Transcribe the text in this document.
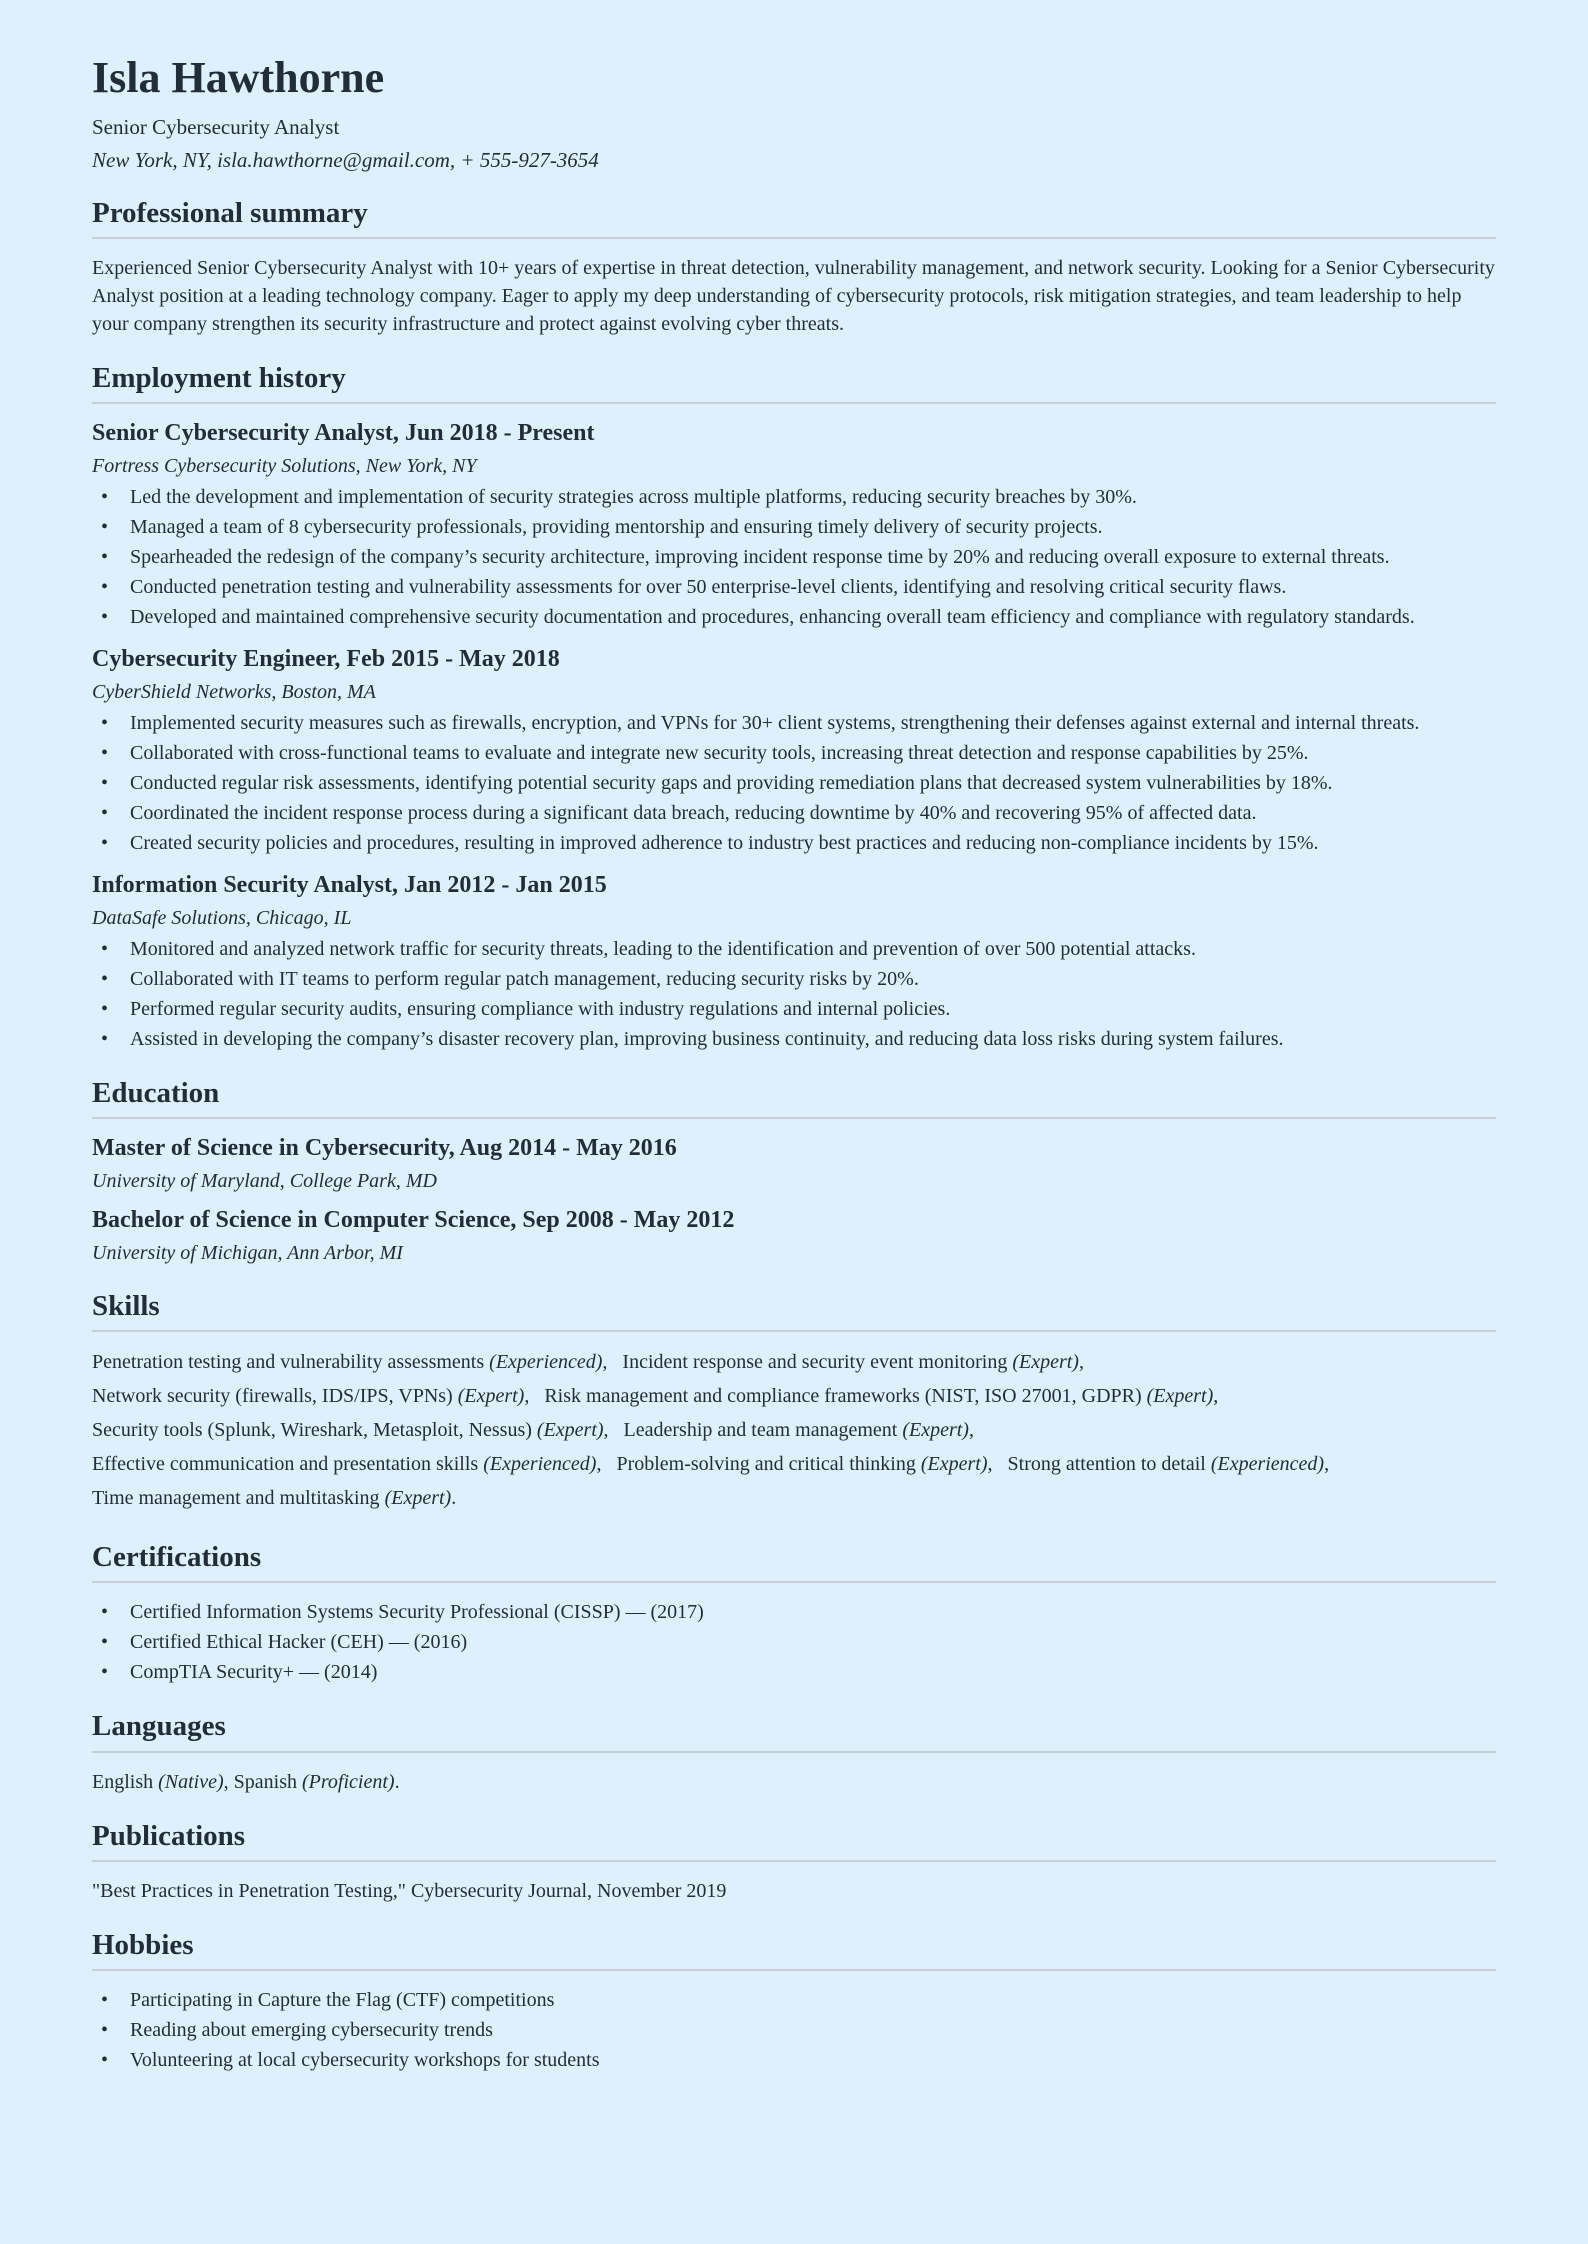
Isla Hawthorne

Senior Cybersecurity Analyst

New York, NY, isla.hawthorne@gmail.com, + 555-927-3654

Professional summary

Experienced Senior Cybersecurity Analyst with 10+ years of expertise in threat detection, vulnerability management, and network security. Looking for a Senior Cybersecurity Analyst position at a leading technology company. Eager to apply my deep understanding of cybersecurity protocols, risk mitigation strategies, and team leadership to help your company strengthen its security infrastructure and protect against evolving cyber threats.

Employment history
Senior Cybersecurity Analyst, Jun 2018 - Present

Fortress Cybersecurity Solutions, New York, NY

• Led the development and implementation of security strategies across multiple platforms, reducing security breaches by 30%.
• Managed a team of 8 cybersecurity professionals, providing mentorship and ensuring timely delivery of security projects.
• Spearheaded the redesign of the company’s security architecture, improving incident response time by 20% and reducing overall exposure to external threats.
• Conducted penetration testing and vulnerability assessments for over 50 enterprise-level clients, identifying and resolving critical security flaws.
• Developed and maintained comprehensive security documentation and procedures, enhancing overall team efficiency and compliance with regulatory standards.
Cybersecurity Engineer, Feb 2015 - May 2018

CyberShield Networks, Boston, MA

• Implemented security measures such as firewalls, encryption, and VPNs for 30+ client systems, strengthening their defenses against external and internal threats.
• Collaborated with cross-functional teams to evaluate and integrate new security tools, increasing threat detection and response capabilities by 25%.
• Conducted regular risk assessments, identifying potential security gaps and providing remediation plans that decreased system vulnerabilities by 18%.
• Coordinated the incident response process during a significant data breach, reducing downtime by 40% and recovering 95% of affected data.
• Created security policies and procedures, resulting in improved adherence to industry best practices and reducing non-compliance incidents by 15%.
Information Security Analyst, Jan 2012 - Jan 2015

DataSafe Solutions, Chicago, IL

• Monitored and analyzed network traffic for security threats, leading to the identification and prevention of over 500 potential attacks.
• Collaborated with IT teams to perform regular patch management, reducing security risks by 20%.
• Performed regular security audits, ensuring compliance with industry regulations and internal policies.
• Assisted in developing the company’s disaster recovery plan, improving business continuity, and reducing data loss risks during system failures.
Education
Master of Science in Cybersecurity, Aug 2014 - May 2016

University of Maryland, College Park, MD

Bachelor of Science in Computer Science, Sep 2008 - May 2012

University of Michigan, Ann Arbor, MI

Skills

Penetration testing and vulnerability assessments (Experienced), Incident response and security event monitoring (Expert), Network security (firewalls, IDS/IPS, VPNs) (Expert), Risk management and compliance frameworks (NIST, ISO 27001, GDPR) (Expert), Security tools (Splunk, Wireshark, Metasploit, Nessus) (Expert), Leadership and team management (Expert), Effective communication and presentation skills (Experienced), Problem-solving and critical thinking (Expert), Strong attention to detail (Experienced), Time management and multitasking (Expert).

Certifications
• Certified Information Systems Security Professional (CISSP) — (2017)
• Certified Ethical Hacker (CEH) — (2016)
• CompTIA Security+ — (2014)
Languages

English (Native), Spanish (Proficient).

Publications

"Best Practices in Penetration Testing," Cybersecurity Journal, November 2019

Hobbies
• Participating in Capture the Flag (CTF) competitions
• Reading about emerging cybersecurity trends
• Volunteering at local cybersecurity workshops for students
